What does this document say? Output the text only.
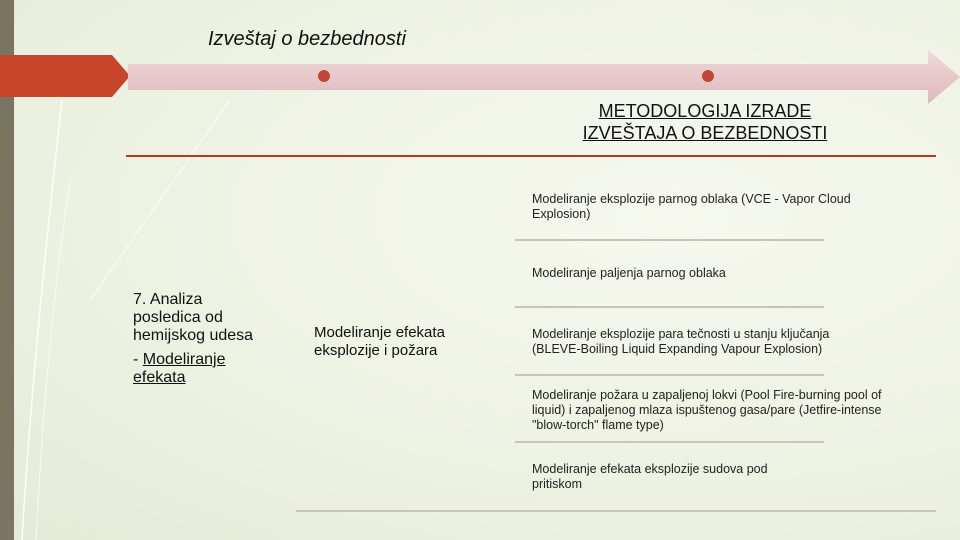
Izveštaj o bezbednosti
METODOLOGIJA IZRADE
IZVEŠTAJA O BEZBEDNOSTI
Modeliranje eksplozije parnog oblaka (VCE - Vapor Cloud
Explosion)
Modeliranje paljenja parnog oblaka
Modeliranje eksplozije para tečnosti u stanju ključanja
(BLEVE-Boiling Liquid Expanding Vapour Explosion)
Modeliranje požara u zapaljenoj lokvi (Pool Fire-burning pool of
liquid) i zapaljenog mlaza ispuštenog gasa/pare (Jetfire-intense
"blow-torch" flame type)
Modeliranje efekata eksplozije sudova pod
pritiskom
7. Analiza
posledica od
hemijskog udesa
- Modeliranje
efekata
Modeliranje efekata
eksplozije i požara
